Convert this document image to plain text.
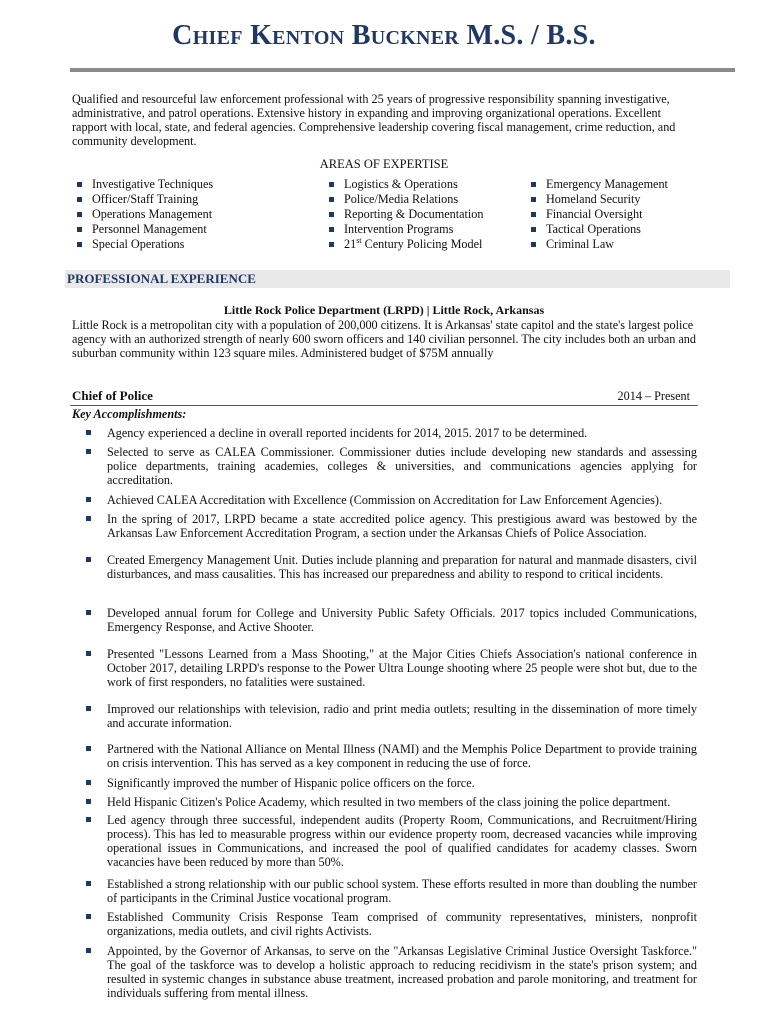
Chief Kenton Buckner M.S. / B.S.
Qualified and resourceful law enforcement professional with 25 years of progressive responsibility spanning investigative, administrative, and patrol operations. Extensive history in expanding and improving organizational operations. Excellent rapport with local, state, and federal agencies. Comprehensive leadership covering fiscal management, crime reduction, and community development.
AREAS OF EXPERTISE
Investigative Techniques
Officer/Staff Training
Operations Management
Personnel Management
Special Operations
Logistics & Operations
Police/Media Relations
Reporting & Documentation
Intervention Programs
21st Century Policing Model
Emergency Management
Homeland Security
Financial Oversight
Tactical Operations
Criminal Law
PROFESSIONAL EXPERIENCE
Little Rock Police Department (LRPD) | Little Rock, Arkansas
Little Rock is a metropolitan city with a population of 200,000 citizens. It is Arkansas' state capitol and the state's largest police agency with an authorized strength of nearly 600 sworn officers and 140 civilian personnel. The city includes both an urban and suburban community within 123 square miles. Administered budget of $75M annually
Chief of Police	2014 – Present
Key Accomplishments:
Agency experienced a decline in overall reported incidents for 2014, 2015. 2017 to be determined.
Selected to serve as CALEA Commissioner. Commissioner duties include developing new standards and assessing police departments, training academies, colleges & universities, and communications agencies applying for accreditation.
Achieved CALEA Accreditation with Excellence (Commission on Accreditation for Law Enforcement Agencies).
In the spring of 2017, LRPD became a state accredited police agency. This prestigious award was bestowed by the Arkansas Law Enforcement Accreditation Program, a section under the Arkansas Chiefs of Police Association.
Created Emergency Management Unit. Duties include planning and preparation for natural and manmade disasters, civil disturbances, and mass causalities. This has increased our preparedness and ability to respond to critical incidents.
Developed annual forum for College and University Public Safety Officials. 2017 topics included Communications, Emergency Response, and Active Shooter.
Presented "Lessons Learned from a Mass Shooting," at the Major Cities Chiefs Association's national conference in October 2017, detailing LRPD's response to the Power Ultra Lounge shooting where 25 people were shot but, due to the work of first responders, no fatalities were sustained.
Improved our relationships with television, radio and print media outlets; resulting in the dissemination of more timely and accurate information.
Partnered with the National Alliance on Mental Illness (NAMI) and the Memphis Police Department to provide training on crisis intervention. This has served as a key component in reducing the use of force.
Significantly improved the number of Hispanic police officers on the force.
Held Hispanic Citizen's Police Academy, which resulted in two members of the class joining the police department.
Led agency through three successful, independent audits (Property Room, Communications, and Recruitment/Hiring process). This has led to measurable progress within our evidence property room, decreased vacancies while improving operational issues in Communications, and increased the pool of qualified candidates for academy classes. Sworn vacancies have been reduced by more than 50%.
Established a strong relationship with our public school system. These efforts resulted in more than doubling the number of participants in the Criminal Justice vocational program.
Established Community Crisis Response Team comprised of community representatives, ministers, nonprofit organizations, media outlets, and civil rights Activists.
Appointed, by the Governor of Arkansas, to serve on the "Arkansas Legislative Criminal Justice Oversight Taskforce." The goal of the taskforce was to develop a holistic approach to reducing recidivism in the state's prison system; and resulted in systemic changes in substance abuse treatment, increased probation and parole monitoring, and treatment for individuals suffering from mental illness.
